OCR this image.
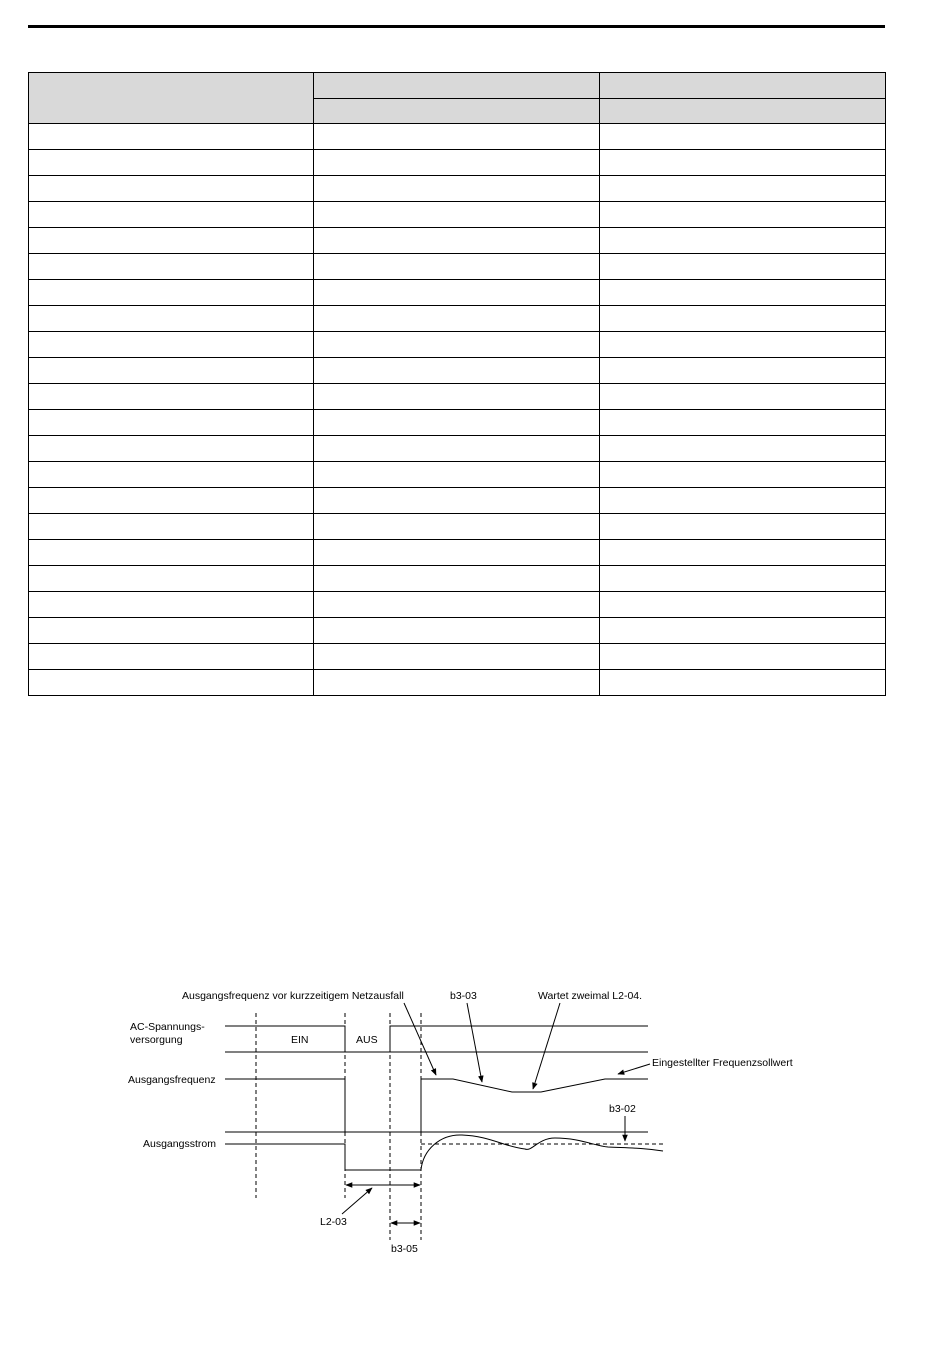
AC-Spannungs-
versorgung
Ausgangsfrequenz
Ausgangsstrom
EIN	AUS
Ausgangsfrequenz vor kurzzeitigem Netzausfall	b3-03	Wartet zweimal L2-04.
Eingestellter Frequenzsollwert
b3-02
L2-03
b3-05
